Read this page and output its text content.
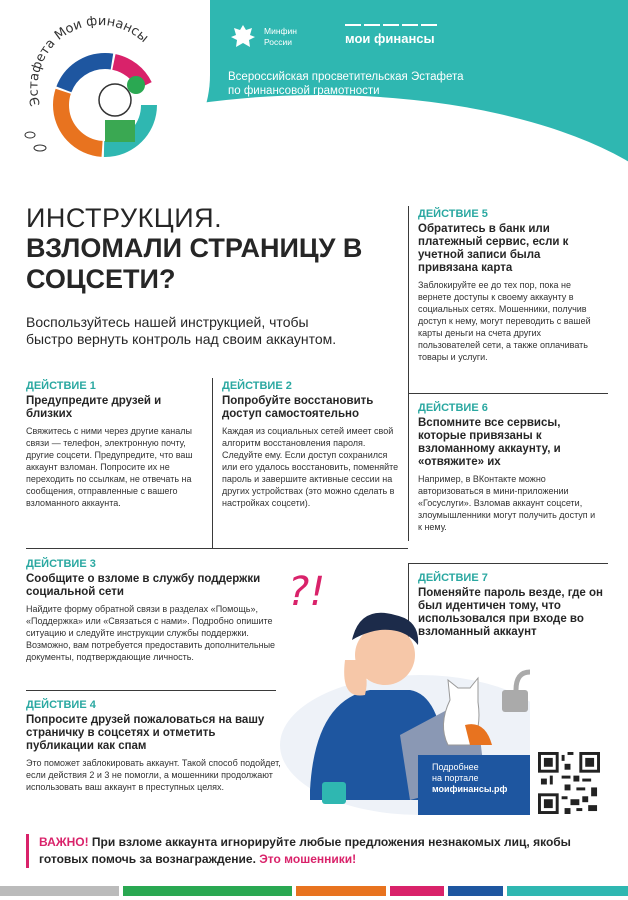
Эстафета Мои финансы	Минфин
России	мои финансы
Всероссийская просветительская Эстафета
по финансовой грамотности
Этап: «Финансовая безопасность
для всей семьи: защити свои деньги»
ИНСТРУКЦИЯ.
ВЗЛОМАЛИ СТРАНИЦУ В СОЦСЕТИ?
Воспользуйтесь нашей инструкцией, чтобы быстро вернуть контроль над своим аккаунтом.
ДЕЙСТВИЕ 1
Предупредите друзей и близких
Свяжитесь с ними через другие каналы связи — телефон, электронную почту, другие соцсети. Предупредите, что ваш аккаунт взломан. Попросите их не переходить по ссылкам, не отвечать на сообщения, отправленные с вашего взломанного аккаунта.
ДЕЙСТВИЕ 2
Попробуйте восстановить доступ самостоятельно
Каждая из социальных сетей имеет свой алгоритм восстановления пароля. Следуйте ему. Если доступ сохранился или его удалось восстановить, поменяйте пароль и завершите активные сессии на других устройствах (это можно сделать в настройках соцсети).
ДЕЙСТВИЕ 3
Сообщите о взломе в службу поддержки социальной сети
Найдите форму обратной связи в разделах «Помощь», «Поддержка» или «Связаться с нами». Подробно опишите ситуацию и следуйте инструкции службы поддержки. Возможно, вам потребуется предоставить дополнительные документы, подтверждающие личность.
ДЕЙСТВИЕ 4
Попросите друзей пожаловаться на вашу страничку в соцсетях и отметить публикации как спам
Это поможет заблокировать аккаунт. Такой способ подойдет, если действия 2 и 3 не помогли, а мошенники продолжают использовать ваш аккаунт в преступных целях.
ДЕЙСТВИЕ 5
Обратитесь в банк или платежный сервис, если к учетной записи была привязана карта
Заблокируйте ее до тех пор, пока не вернете доступы к своему аккаунту в социальных сетях. Мошенники, получив доступ к нему, могут переводить с вашей карты деньги на счета других пользователей сети, а также оплачивать товары и услуги.
ДЕЙСТВИЕ 6
Вспомните все сервисы, которые привязаны к взломанному аккаунту, и «отвяжите» их
Например, в ВКонтакте можно авторизоваться в мини-приложении «Госуслуги». Взломав аккаунт соцсети, злоумышленники могут получить доступ и к нему.
ДЕЙСТВИЕ 7
Поменяйте пароль везде, где он был идентичен тому, что использовался при входе во взломанный аккаунт
?!
Подробнее
на портале
моифинансы.рф
ВАЖНО! При взломе аккаунта игнорируйте любые предложения незнакомых лиц, якобы готовых помочь за вознаграждение. Это мошенники!
